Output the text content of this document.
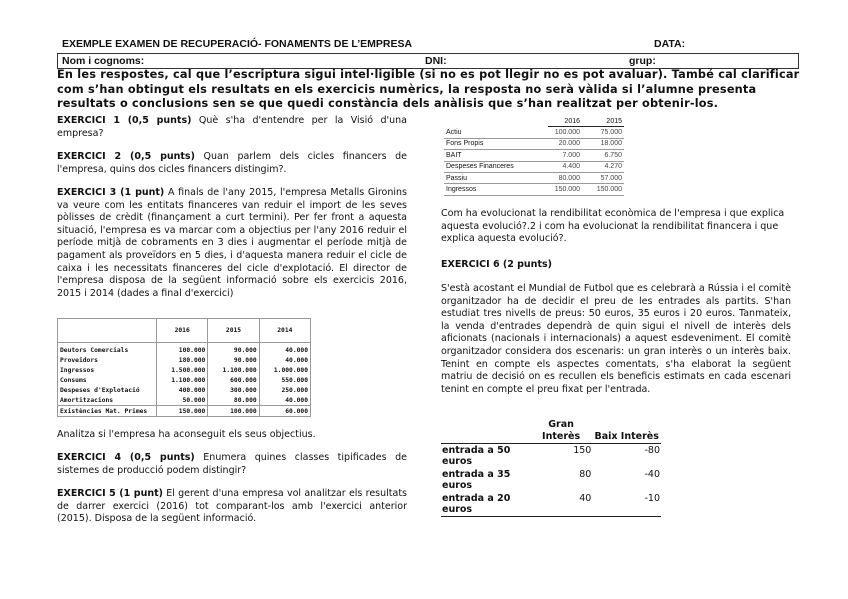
EXEMPLE EXAMEN DE RECUPERACIÓ- FONAMENTS DE L’EMPRESA	DATA:
Nom i cognoms:	DNI:	grup:
En les respostes, cal que l’escriptura sigui intel·ligible (si no es pot llegir no es pot avaluar). També cal clarificar com s’han obtingut els resultats en els exercicis numèrics, la resposta no serà vàlida si l’alumne presenta resultats o conclusions sen se que quedi constància dels anàlisis que s’han realitzat per obtenir-los.
EXERCICI 1 (0,5 punts) Què s'ha d'entendre per la Visió d'una empresa?
EXERCICI 2 (0,5 punts) Quan parlem dels cicles financers de l'empresa, quins dos cicles financers distingim?.
EXERCICI 3 (1 punt) A finals de l'any 2015, l'empresa Metalls Gironins va veure com les entitats financeres van reduir el import de les seves pòlisses de crèdit (finançament a curt termini). Per fer front a aquesta situació, l'empresa es va marcar com a objectius per l'any 2016 reduir el període mitjà de cobraments en 3 dies i augmentar el període mitjà de pagament als proveïdors en 5 dies, i d'aquesta manera reduir el cicle de caixa i les necessitats financeres del cicle d'explotació. El director de l'empresa disposa de la següent informació sobre els exercicis 2016, 2015 i 2014 (dades a final d'exercici)
	2016	2015	2014
Deutors Comercials	100.000	90.000	40.000
Proveïdors	180.000	90.000	40.000
Ingressos	1.500.000	1.100.000	1.000.000
Consums	1.100.000	600.000	550.000
Despeses d'Explotació	400.000	300.000	250.000
Amortitzacions	50.000	80.000	40.000
Existències Mat. Primes	150.000	100.000	60.000
Analitza si l'empresa ha aconseguit els seus objectius.
EXERCICI 4 (0,5 punts) Enumera quines classes tipificades de sistemes de producció podem distingir?
EXERCICI 5 (1 punt) El gerent d'una empresa vol analitzar els resultats de darrer exercici (2016) tot comparant-los amb l'exercici anterior (2015). Disposa de la següent informació.
	2016	2015
Actiu	100.000	75.000
Fons Propis	20.000	18.000
BAIT	7.000	6.750
Despeses Financeres	4.400	4.270
Passiu	80.000	57.000
Ingressos	150.000	150.000
Com ha evolucionat la rendibilitat econòmica de l'empresa i que explica aquesta evolució?.2 i com ha evolucionat la rendibilitat financera i que explica aquesta evolució?.
EXERCICI 6 (2 punts)
S'està acostant el Mundial de Futbol que es celebrarà a Rússia i el comitè organitzador ha de decidir el preu de les entrades als partits. S'han estudiat tres nivells de preus: 50 euros, 35 euros i 20 euros. Tanmateix, la venda d'entrades dependrà de quin sigui el nivell de interès dels aficionats (nacionals i internacionals) a aquest esdeveniment. El comitè organitzador considera dos escenaris: un gran interès o un interès baix. Tenint en compte els aspectes comentats, s'ha elaborat la següent matriu de decisió on es recullen els beneficis estimats en cada escenari tenint en compte el preu fixat per l'entrada.
	Gran Interès	Baix Interès
entrada a 50 euros	150	-80
entrada a 35 euros	80	-40
entrada a 20 euros	40	-10
